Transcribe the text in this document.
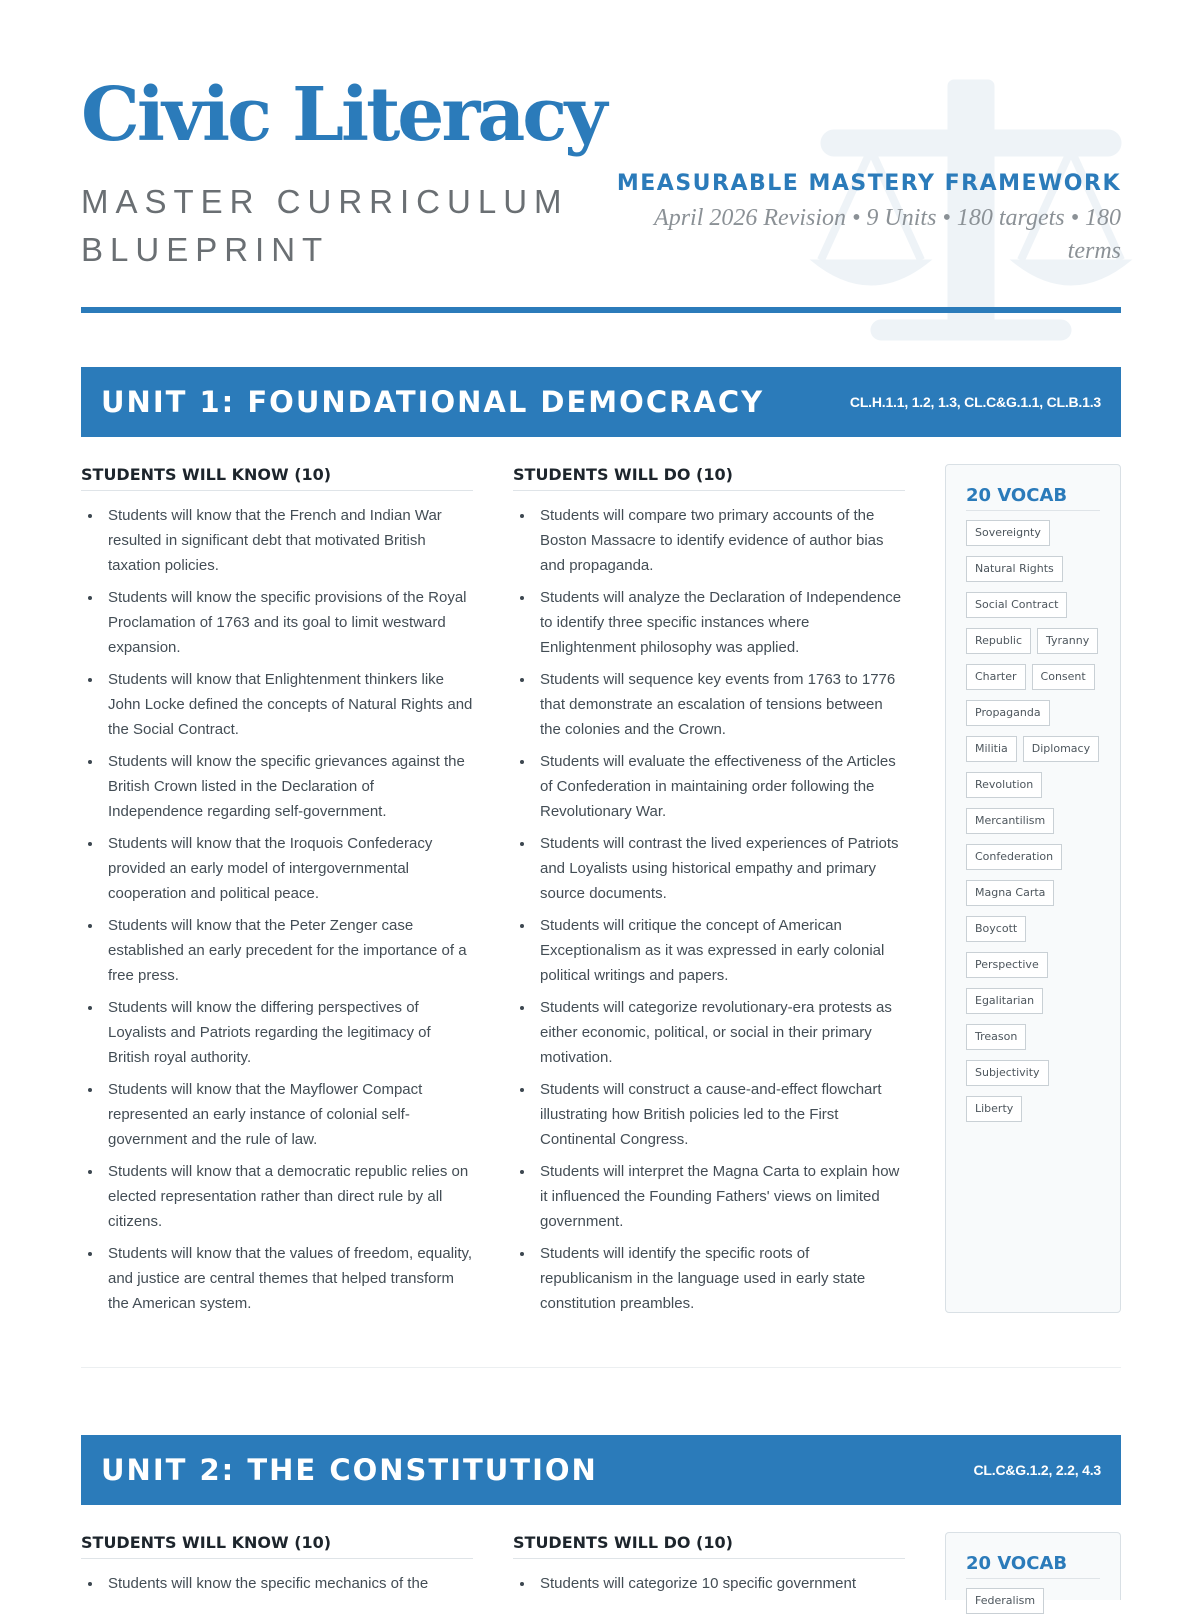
Civic Literacy
MASTER CURRICULUM BLUEPRINT
MEASURABLE MASTERY FRAMEWORK
April 2026 Revision • 9 Units • 180 targets • 180 terms
UNIT 1: FOUNDATIONAL DEMOCRACY	CL.H.1.1, 1.2, 1.3, CL.C&G.1.1, CL.B.1.3
STUDENTS WILL KNOW (10)
Students will know that the French and Indian War resulted in significant debt that motivated British taxation policies.
Students will know the specific provisions of the Royal Proclamation of 1763 and its goal to limit westward expansion.
Students will know that Enlightenment thinkers like John Locke defined the concepts of Natural Rights and the Social Contract.
Students will know the specific grievances against the British Crown listed in the Declaration of Independence regarding self-government.
Students will know that the Iroquois Confederacy provided an early model of intergovernmental cooperation and political peace.
Students will know that the Peter Zenger case established an early precedent for the importance of a free press.
Students will know the differing perspectives of Loyalists and Patriots regarding the legitimacy of British royal authority.
Students will know that the Mayflower Compact represented an early instance of colonial self-government and the rule of law.
Students will know that a democratic republic relies on elected representation rather than direct rule by all citizens.
Students will know that the values of freedom, equality, and justice are central themes that helped transform the American system.
STUDENTS WILL DO (10)
Students will compare two primary accounts of the Boston Massacre to identify evidence of author bias and propaganda.
Students will analyze the Declaration of Independence to identify three specific instances where Enlightenment philosophy was applied.
Students will sequence key events from 1763 to 1776 that demonstrate an escalation of tensions between the colonies and the Crown.
Students will evaluate the effectiveness of the Articles of Confederation in maintaining order following the Revolutionary War.
Students will contrast the lived experiences of Patriots and Loyalists using historical empathy and primary source documents.
Students will critique the concept of American Exceptionalism as it was expressed in early colonial political writings and papers.
Students will categorize revolutionary-era protests as either economic, political, or social in their primary motivation.
Students will construct a cause-and-effect flowchart illustrating how British policies led to the First Continental Congress.
Students will interpret the Magna Carta to explain how it influenced the Founding Fathers' views on limited government.
Students will identify the specific roots of republicanism in the language used in early state constitution preambles.
20 VOCAB
Sovereignty
Natural Rights
Social Contract
Republic	Tyranny
Charter	Consent
Propaganda
Militia	Diplomacy
Revolution
Mercantilism
Confederation
Magna Carta
Boycott
Perspective
Egalitarian
Treason
Subjectivity
Liberty
UNIT 2: THE CONSTITUTION	CL.C&G.1.2, 2.2, 4.3
STUDENTS WILL KNOW (10)
Students will know the specific mechanics of the
STUDENTS WILL DO (10)
Students will categorize 10 specific government
20 VOCAB
Federalism
